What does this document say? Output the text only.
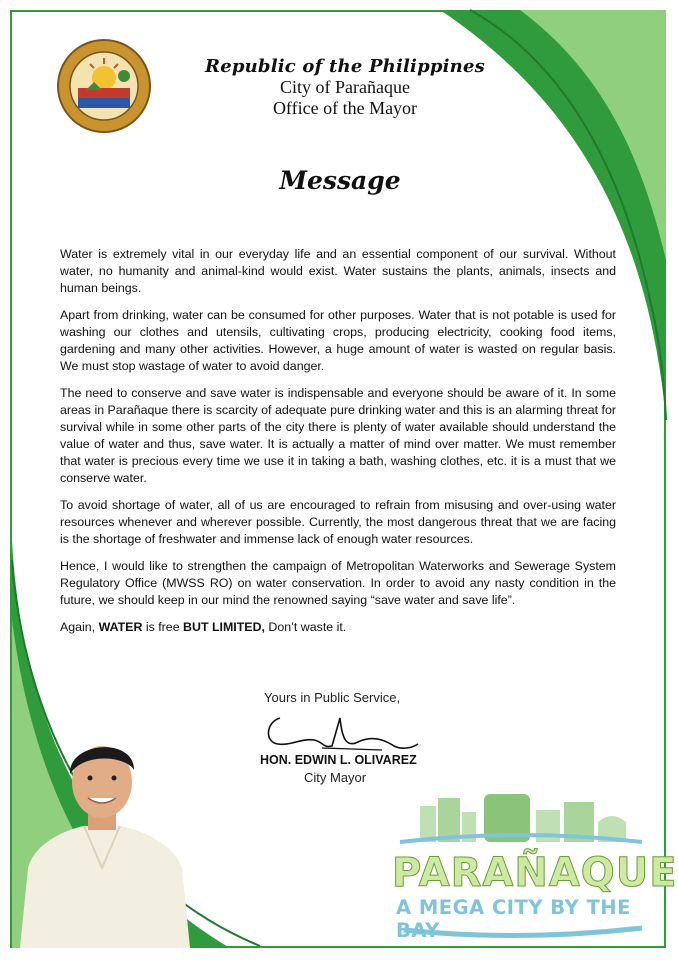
Republic of the Philippines
City of Parañaque
Office of the Mayor
Message

Water is extremely vital in our everyday life and an essential component of our survival. Without water, no humanity and animal-kind would exist. Water sustains the plants, animals, insects and human beings.

Apart from drinking, water can be consumed for other purposes. Water that is not potable is used for washing our clothes and utensils, cultivating crops, producing electricity, cooking food items, gardening and many other activities. However, a huge amount of water is wasted on regular basis. We must stop wastage of water to avoid danger.

The need to conserve and save water is indispensable and everyone should be aware of it. In some areas in Parañaque there is scarcity of adequate pure drinking water and this is an alarming threat for survival while in some other parts of the city there is plenty of water available should understand the value of water and thus, save water. It is actually a matter of mind over matter. We must remember that water is precious every time we use it in taking a bath, washing clothes, etc. it is a must that we conserve water.

To avoid shortage of water, all of us are encouraged to refrain from misusing and over-using water resources whenever and wherever possible. Currently, the most dangerous threat that we are facing is the shortage of freshwater and immense lack of enough water resources.

Hence, I would like to strengthen the campaign of Metropolitan Waterworks and Sewerage System Regulatory Office (MWSS RO) on water conservation. In order to avoid any nasty condition in the future, we should keep in our mind the renowned saying “save water and save life”.

Again, WATER is free BUT LIMITED, Don’t waste it.

Yours in Public Service,
HON. EDWIN L. OLIVAREZ
City Mayor
PARAÑAQUE
A MEGA CITY BY THE BAY
